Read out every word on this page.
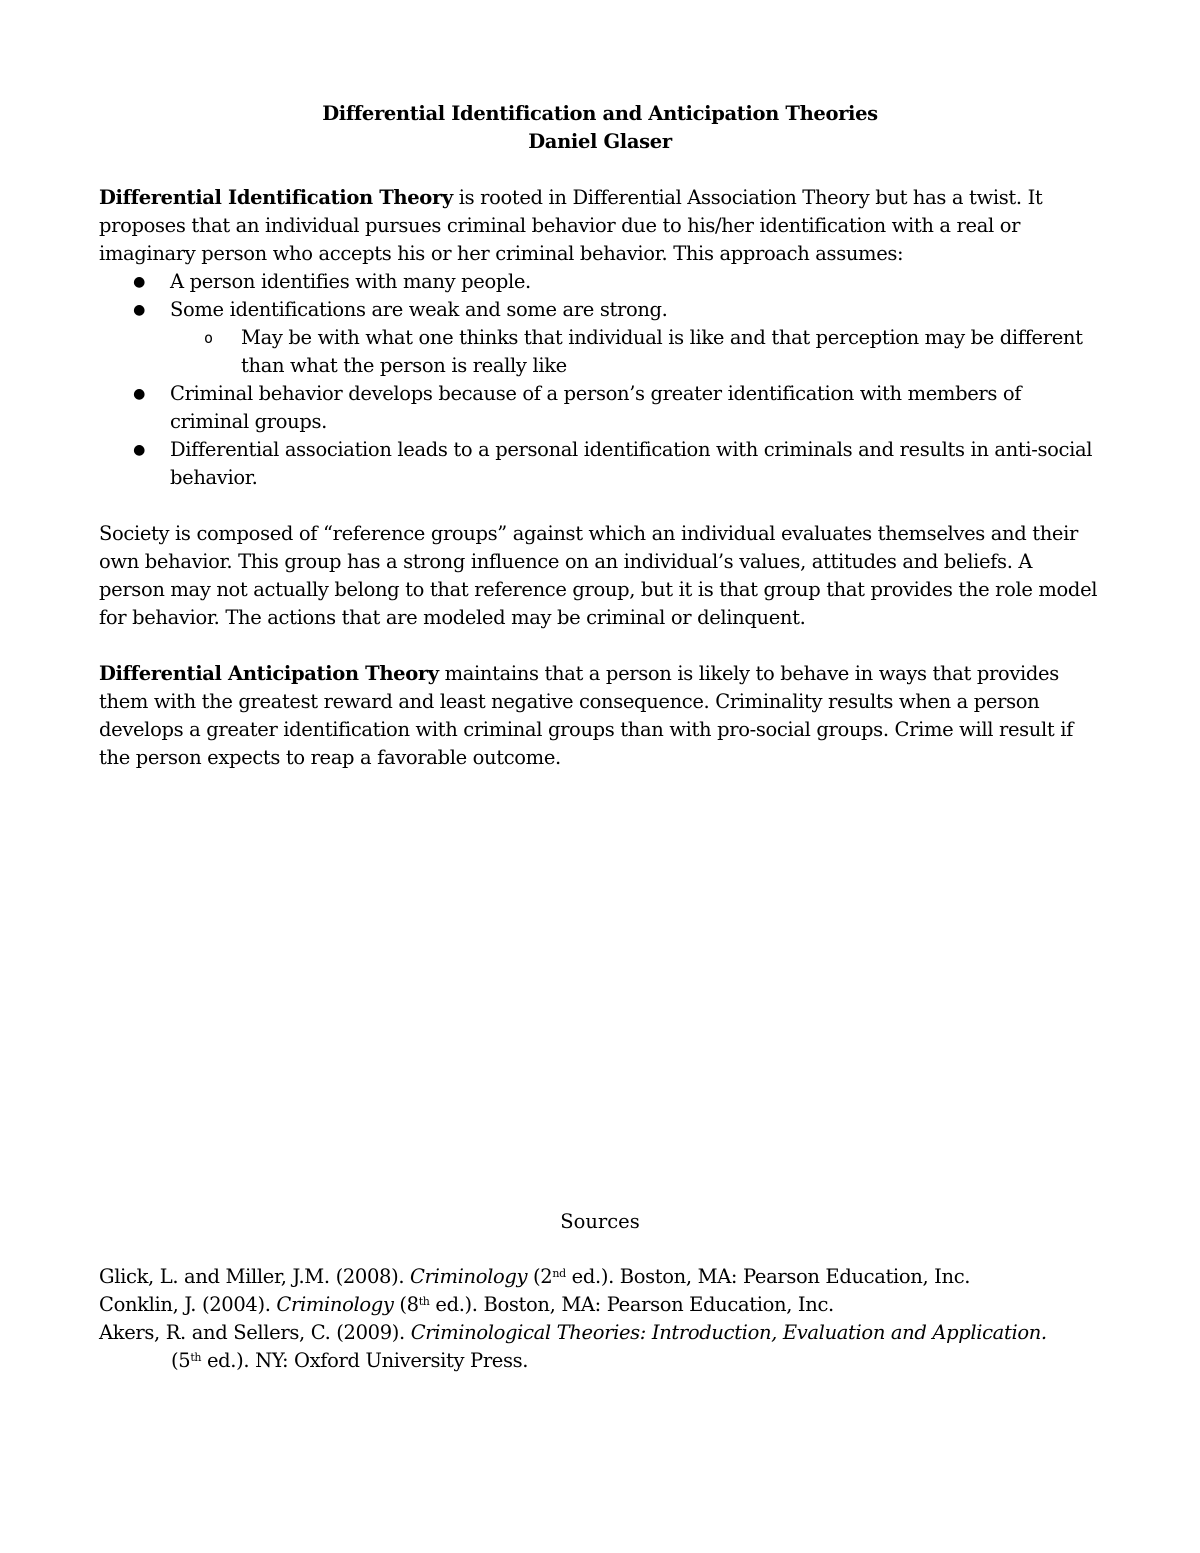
Differential Identification and Anticipation Theories

Daniel Glaser

Differential Identification Theory is rooted in Differential Association Theory but has a twist. It proposes that an individual pursues criminal behavior due to his/her identification with a real or imaginary person who accepts his or her criminal behavior. This approach assumes:

● A person identifies with many people.
● Some identifications are weak and some are strong.
o May be with what one thinks that individual is like and that perception may be different than what the person is really like
● Criminal behavior develops because of a person’s greater identification with members of criminal groups.
● Differential association leads to a personal identification with criminals and results in anti-social behavior.

Society is composed of “reference groups” against which an individual evaluates themselves and their own behavior. This group has a strong influence on an individual’s values, attitudes and beliefs. A person may not actually belong to that reference group, but it is that group that provides the role model for behavior. The actions that are modeled may be criminal or delinquent.

Differential Anticipation Theory maintains that a person is likely to behave in ways that provides them with the greatest reward and least negative consequence. Criminality results when a person develops a greater identification with criminal groups than with pro-social groups. Crime will result if the person expects to reap a favorable outcome.

Sources

Glick, L. and Miller, J.M. (2008). Criminology (2nd ed.). Boston, MA: Pearson Education, Inc.

Conklin, J. (2004). Criminology (8th ed.). Boston, MA: Pearson Education, Inc.

Akers, R. and Sellers, C. (2009). Criminological Theories: Introduction, Evaluation and Application.

(5th ed.). NY: Oxford University Press.
